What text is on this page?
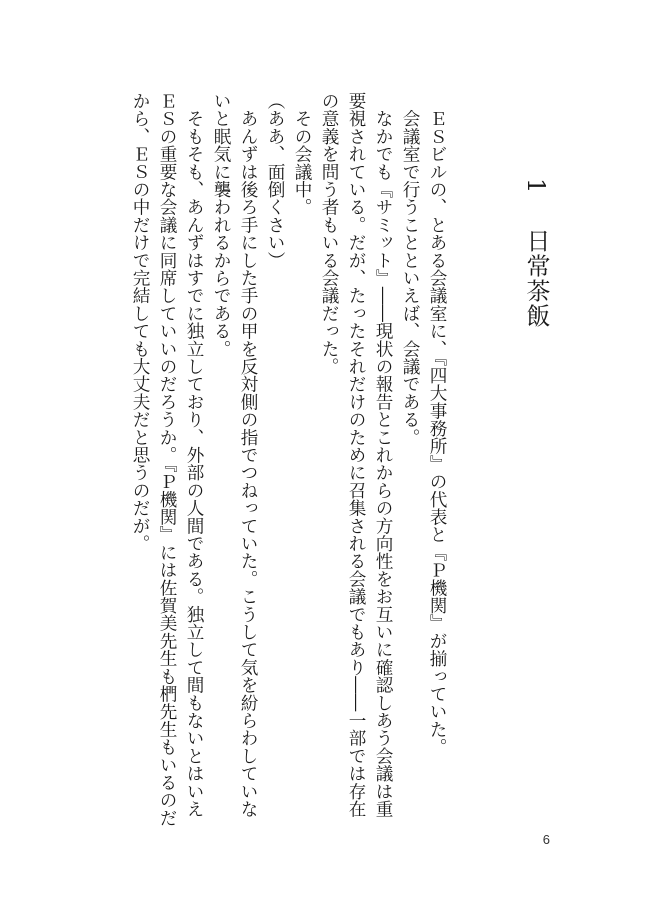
1日常茶飯

　ＥＳビルの、とある会議室に、『四大事務所』の代表と『Ｐ機関』が揃っていた。

　会議室で行うことといえば、会議である。

　なかでも『サミット』――現状の報告とこれからの方向性をお互いに確認しあう会議は重要視されている。だが、たったそれだけのために召集される会議でもあり――一部では存在の意義を問う者もいる会議だった。

　その会議中。

（ああ、面倒くさい）

　あんずは後ろ手にした手の甲を反対側の指でつねっていた。こうして気を紛らわしていないと眠気に襲われるからである。

　そもそも、あんずはすでに独立しており、外部の人間である。独立して間もないとはいえＥＳの重要な会議に同席していいのだろうか。『Ｐ機関』には佐賀美先生も椚先生もいるのだから、ＥＳの中だけで完結しても大丈夫だと思うのだが。

6
